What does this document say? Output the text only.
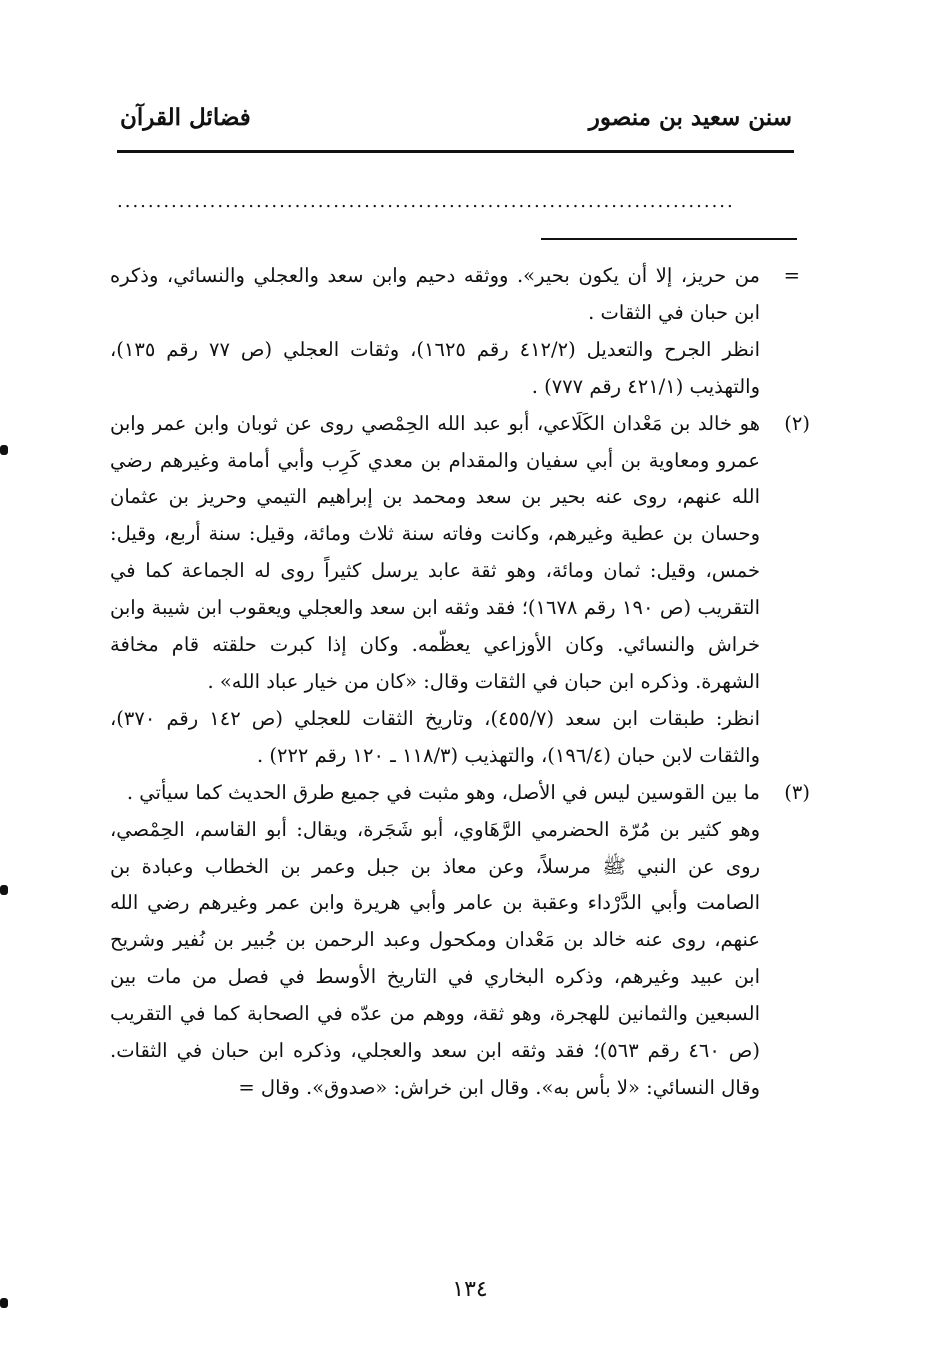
سنن سعيد بن منصور
فضائل القرآن
................................................................................
=

من حريز، إلا أن يكون بحير». ووثقه دحيم وابن سعد والعجلي والنسائي، وذكره ابن حبان في الثقات .

انظر الجرح والتعديل (٤١٢/٢ رقم ١٦٢٥)، وثقات العجلي (ص ٧٧ رقم ١٣٥)، والتهذيب (٤٢١/١ رقم ٧٧٧) .

(٢)

هو خالد بن مَعْدان الكَلَاعي، أبو عبد الله الحِمْصي روى عن ثوبان وابن عمر وابن عمرو ومعاوية بن أبي سفيان والمقدام بن معدي كَرِب وأبي أمامة وغيرهم رضي الله عنهم، روى عنه بحير بن سعد ومحمد بن إبراهيم التيمي وحريز بن عثمان وحسان بن عطية وغيرهم، وكانت وفاته سنة ثلاث ومائة، وقيل: سنة أربع، وقيل: خمس، وقيل: ثمان ومائة، وهو ثقة عابد يرسل كثيراً روى له الجماعة كما في التقريب (ص ١٩٠ رقم ١٦٧٨)؛ فقد وثقه ابن سعد والعجلي ويعقوب ابن شيبة وابن خراش والنسائي. وكان الأوزاعي يعظّمه. وكان إذا كبرت حلقته قام مخافة الشهرة. وذكره ابن حبان في الثقات وقال: «كان من خيار عباد الله» .

انظر: طبقات ابن سعد (٤٥٥/٧)، وتاريخ الثقات للعجلي (ص ١٤٢ رقم ٣٧٠)، والثقات لابن حبان (١٩٦/٤)، والتهذيب (١١٨/٣ ـ ١٢٠ رقم ٢٢٢) .

(٣)

ما بين القوسين ليس في الأصل، وهو مثبت في جميع طرق الحديث كما سيأتي .

وهو كثير بن مُرّة الحضرمي الرَّهَاوي، أبو شَجَرة، ويقال: أبو القاسم، الحِمْصي، روى عن النبي ﷺ مرسلاً، وعن معاذ بن جبل وعمر بن الخطاب وعبادة بن الصامت وأبي الدَّرْداء وعقبة بن عامر وأبي هريرة وابن عمر وغيرهم رضي الله عنهم، روى عنه خالد بن مَعْدان ومكحول وعبد الرحمن بن جُبير بن نُفير وشريح ابن عبيد وغيرهم، وذكره البخاري في التاريخ الأوسط في فصل من مات بين السبعين والثمانين للهجرة، وهو ثقة، ووهم من عدّه في الصحابة كما في التقريب (ص ٤٦٠ رقم ٥٦٣)؛ فقد وثقه ابن سعد والعجلي، وذكره ابن حبان في الثقات. وقال النسائي: «لا بأس به». وقال ابن خراش: «صدوق». وقال =

١٣٤
